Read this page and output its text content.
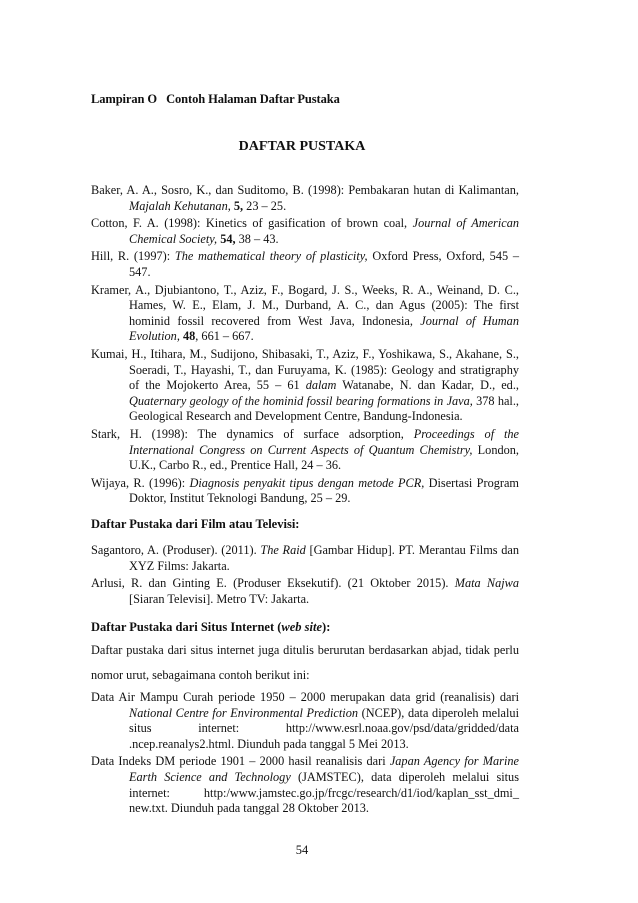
Lampiran O   Contoh Halaman Daftar Pustaka
DAFTAR PUSTAKA

Baker, A. A., Sosro, K., dan Suditomo, B. (1998): Pembakaran hutan di Kalimantan, Majalah Kehutanan, 5, 23 – 25.

Cotton, F. A. (1998): Kinetics of gasification of brown coal, Journal of American Chemical Society, 54, 38 – 43.

Hill, R. (1997): The mathematical theory of plasticity, Oxford Press, Oxford, 545 – 547.

Kramer, A., Djubiantono, T., Aziz, F., Bogard, J. S., Weeks, R. A., Weinand, D. C., Hames, W. E., Elam, J. M., Durband, A. C., dan Agus (2005): The first hominid fossil recovered from West Java, Indonesia, Journal of Human Evolution, 48, 661 – 667.

Kumai, H., Itihara, M., Sudijono, Shibasaki, T., Aziz, F., Yoshikawa, S., Akahane, S., Soeradi, T., Hayashi, T., dan Furuyama, K. (1985): Geology and stratigraphy of the Mojokerto Area, 55 – 61 dalam Watanabe, N. dan Kadar, D., ed., Quaternary geology of the hominid fossil bearing formations in Java, 378 hal., Geological Research and Development Centre, Bandung-Indonesia.

Stark, H. (1998): The dynamics of surface adsorption, Proceedings of the International Congress on Current Aspects of Quantum Chemistry, London, U.K., Carbo R., ed., Prentice Hall, 24 – 36.

Wijaya, R. (1996): Diagnosis penyakit tipus dengan metode PCR, Disertasi Program Doktor, Institut Teknologi Bandung, 25 – 29.

Daftar Pustaka dari Film atau Televisi:

Sagantoro, A. (Produser). (2011). The Raid [Gambar Hidup]. PT. Merantau Films dan XYZ Films: Jakarta.

Arlusi, R. dan Ginting E. (Produser Eksekutif). (21 Oktober 2015). Mata Najwa [Siaran Televisi]. Metro TV: Jakarta.

Daftar Pustaka dari Situs Internet (web site):
Daftar pustaka dari situs internet juga ditulis berurutan berdasarkan abjad, tidak perlu nomor urut, sebagaimana contoh berikut ini:

Data Air Mampu Curah periode 1950 – 2000 merupakan data grid (reanalisis) dari National Centre for Environmental Prediction (NCEP), data diperoleh melalui situs internet: http://www.esrl.noaa.gov/psd/data/gridded/data .ncep.reanalys2.html. Diunduh pada tanggal 5 Mei 2013.

Data Indeks DM periode 1901 – 2000 hasil reanalisis dari Japan Agency for Marine Earth Science and Technology (JAMSTEC), data diperoleh melalui situs internet: http:/www.jamstec.go.jp/frcgc/research/d1/iod/kaplan_sst_dmi_ new.txt. Diunduh pada tanggal 28 Oktober 2013.

54
